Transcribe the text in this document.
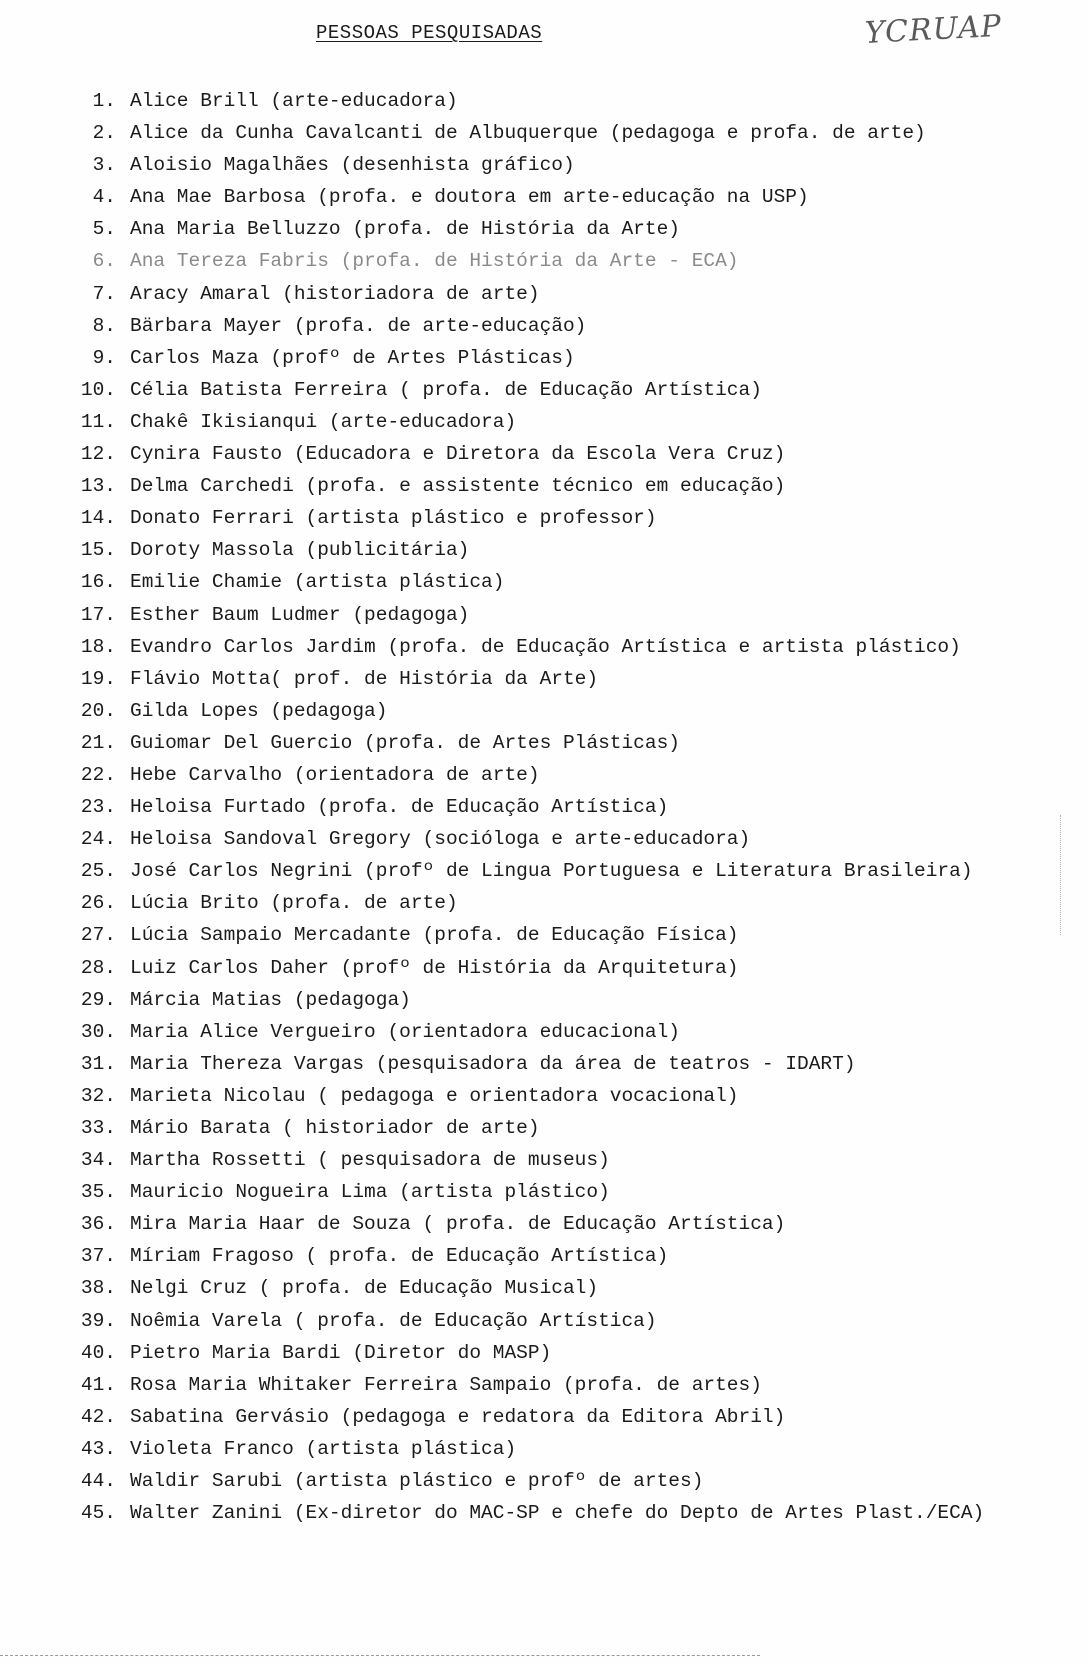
PESSOAS PESQUISADAS	YCRUAP
1. Alice Brill (arte-educadora)
2. Alice da Cunha Cavalcanti de Albuquerque (pedagoga e profa. de arte)
3. Aloisio Magalhães (desenhista gráfico)
4. Ana Mae Barbosa (profa. e doutora em arte-educação na USP)
5. Ana Maria Belluzzo (profa. de História da Arte)
6. Ana Tereza Fabris (profa. de História da Arte - ECA)
7. Aracy Amaral (historiadora de arte)
8. Bärbara Mayer (profa. de arte-educação)
9. Carlos Maza (profº de Artes Plásticas)
10. Célia Batista Ferreira ( profa. de Educação Artística)
11. Chakê Ikisianqui (arte-educadora)
12. Cynira Fausto (Educadora e Diretora da Escola Vera Cruz)
13. Delma Carchedi (profa. e assistente técnico em educação)
14. Donato Ferrari (artista plástico e professor)
15. Doroty Massola (publicitária)
16. Emilie Chamie (artista plástica)
17. Esther Baum Ludmer (pedagoga)
18. Evandro Carlos Jardim (profa. de Educação Artística e artista plástico)
19. Flávio Motta( prof. de História da Arte)
20. Gilda Lopes (pedagoga)
21. Guiomar Del Guercio (profa. de Artes Plásticas)
22. Hebe Carvalho (orientadora de arte)
23. Heloisa Furtado (profa. de Educação Artística)
24. Heloisa Sandoval Gregory (socióloga e arte-educadora)
25. José Carlos Negrini (profº de Lingua Portuguesa e Literatura Brasileira)
26. Lúcia Brito (profa. de arte)
27. Lúcia Sampaio Mercadante (profa. de Educação Física)
28. Luiz Carlos Daher (profº de História da Arquitetura)
29. Márcia Matias (pedagoga)
30. Maria Alice Vergueiro (orientadora educacional)
31. Maria Thereza Vargas (pesquisadora da área de teatros - IDART)
32. Marieta Nicolau ( pedagoga e orientadora vocacional)
33. Mário Barata ( historiador de arte)
34. Martha Rossetti ( pesquisadora de museus)
35. Mauricio Nogueira Lima (artista plástico)
36. Mira Maria Haar de Souza ( profa. de Educação Artística)
37. Míriam Fragoso ( profa. de Educação Artística)
38. Nelgi Cruz ( profa. de Educação Musical)
39. Noêmia Varela ( profa. de Educação Artística)
40. Pietro Maria Bardi (Diretor do MASP)
41. Rosa Maria Whitaker Ferreira Sampaio (profa. de artes)
42. Sabatina Gervásio (pedagoga e redatora da Editora Abril)
43. Violeta Franco (artista plástica)
44. Waldir Sarubi (artista plástico e profº de artes)
45. Walter Zanini (Ex-diretor do MAC-SP e chefe do Depto de Artes Plast./ECA)
